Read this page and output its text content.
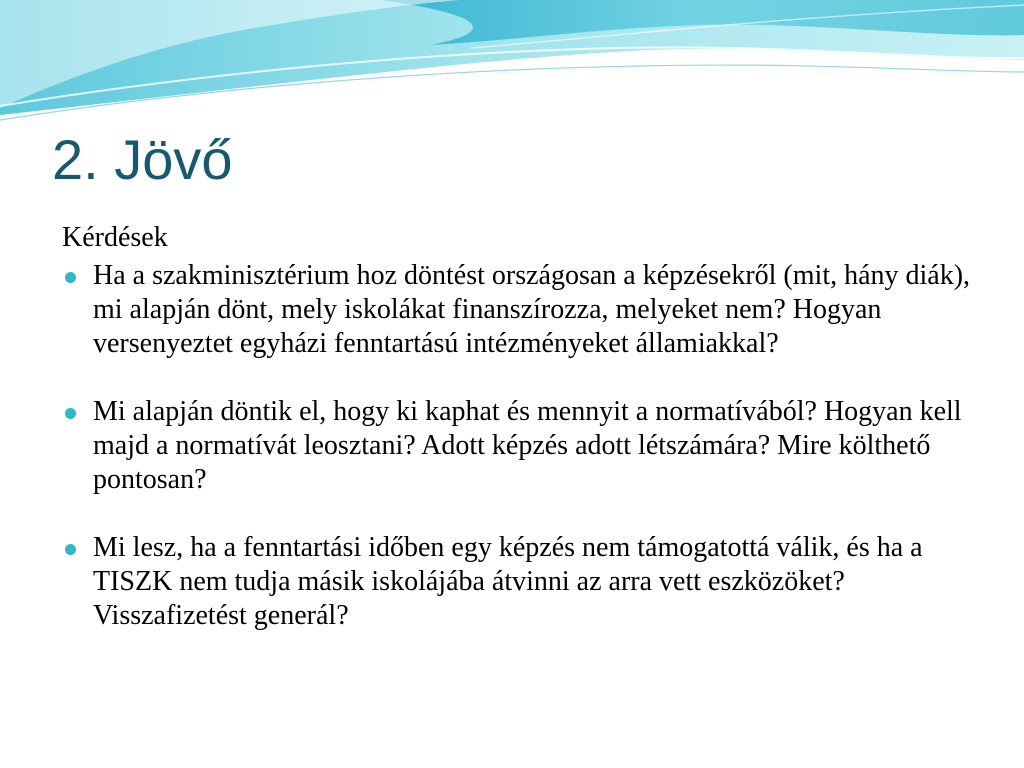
2. Jövő

Kérdések

Ha a szakminisztérium hoz döntést országosan a képzésekről (mit, hány diák), mi alapján dönt, mely iskolákat finanszírozza, melyeket nem? Hogyan versenyeztet egyházi fenntartású intézményeket államiakkal?
Mi alapján döntik el, hogy ki kaphat és mennyit a normatívából? Hogyan kell majd a normatívát leosztani? Adott képzés adott létszámára? Mire költhető pontosan?
Mi lesz, ha a fenntartási időben egy képzés nem támogatottá válik, és ha a TISZK nem tudja másik iskolájába átvinni az arra vett eszközöket? Visszafizetést generál?
